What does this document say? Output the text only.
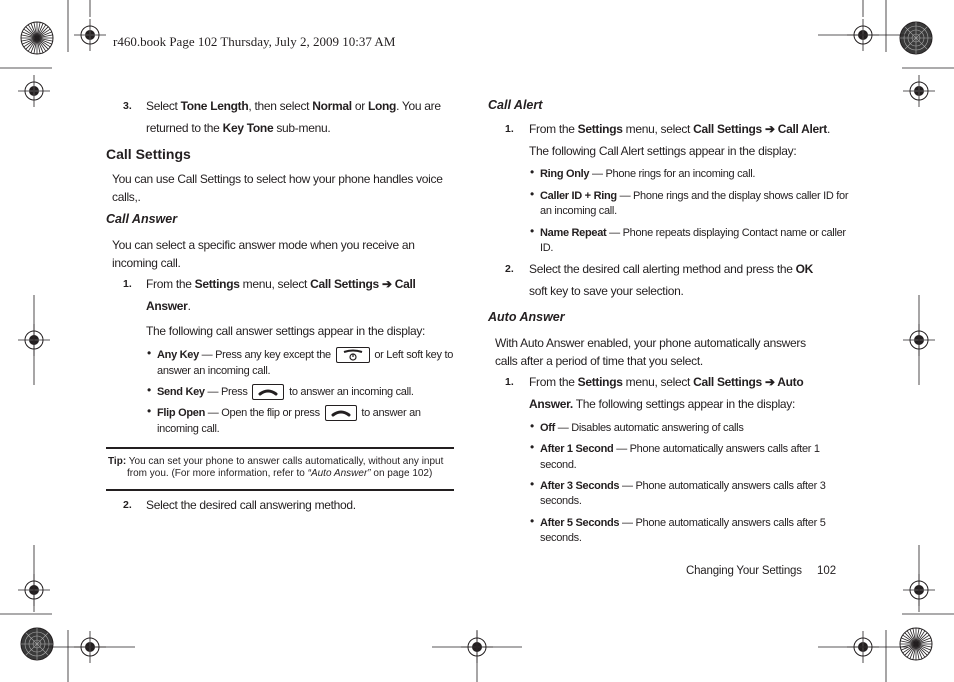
r460.book Page 102 Thursday, July 2, 2009 10:37 AM
3. Select Tone Length, then select Normal or Long. You are
returned to the Key Tone sub-menu.
Call Settings
You can use Call Settings to select how your phone handles voice
calls,.
Call Answer
You can select a specific answer mode when you receive an
incoming call.
1. From the Settings menu, select Call Settings ➔ Call
Answer.
The following call answer settings appear in the display:
• Any Key — Press any key except the	or Left soft key to
answer an incoming call.
• Send Key — Press	to answer an incoming call.
• Flip Open — Open the flip or press	to answer an
incoming call.
Tip: You can set your phone to answer calls automatically, without any input
from you. (For more information, refer to “Auto Answer” on page 102)
2. Select the desired call answering method.
Call Alert
1. From the Settings menu, select Call Settings ➔ Call Alert.
The following Call Alert settings appear in the display:
• Ring Only — Phone rings for an incoming call.
• Caller ID + Ring — Phone rings and the display shows caller ID for
an incoming call.
• Name Repeat — Phone repeats displaying Contact name or caller
ID.
2. Select the desired call alerting method and press the OK
soft key to save your selection.
Auto Answer
With Auto Answer enabled, your phone automatically answers
calls after a period of time that you select.
1. From the Settings menu, select Call Settings ➔ Auto
Answer. The following settings appear in the display:
• Off — Disables automatic answering of calls
• After 1 Second — Phone automatically answers calls after 1
second.
• After 3 Seconds — Phone automatically answers calls after 3
seconds.
• After 5 Seconds — Phone automatically answers calls after 5
seconds.
Changing Your Settings 102
